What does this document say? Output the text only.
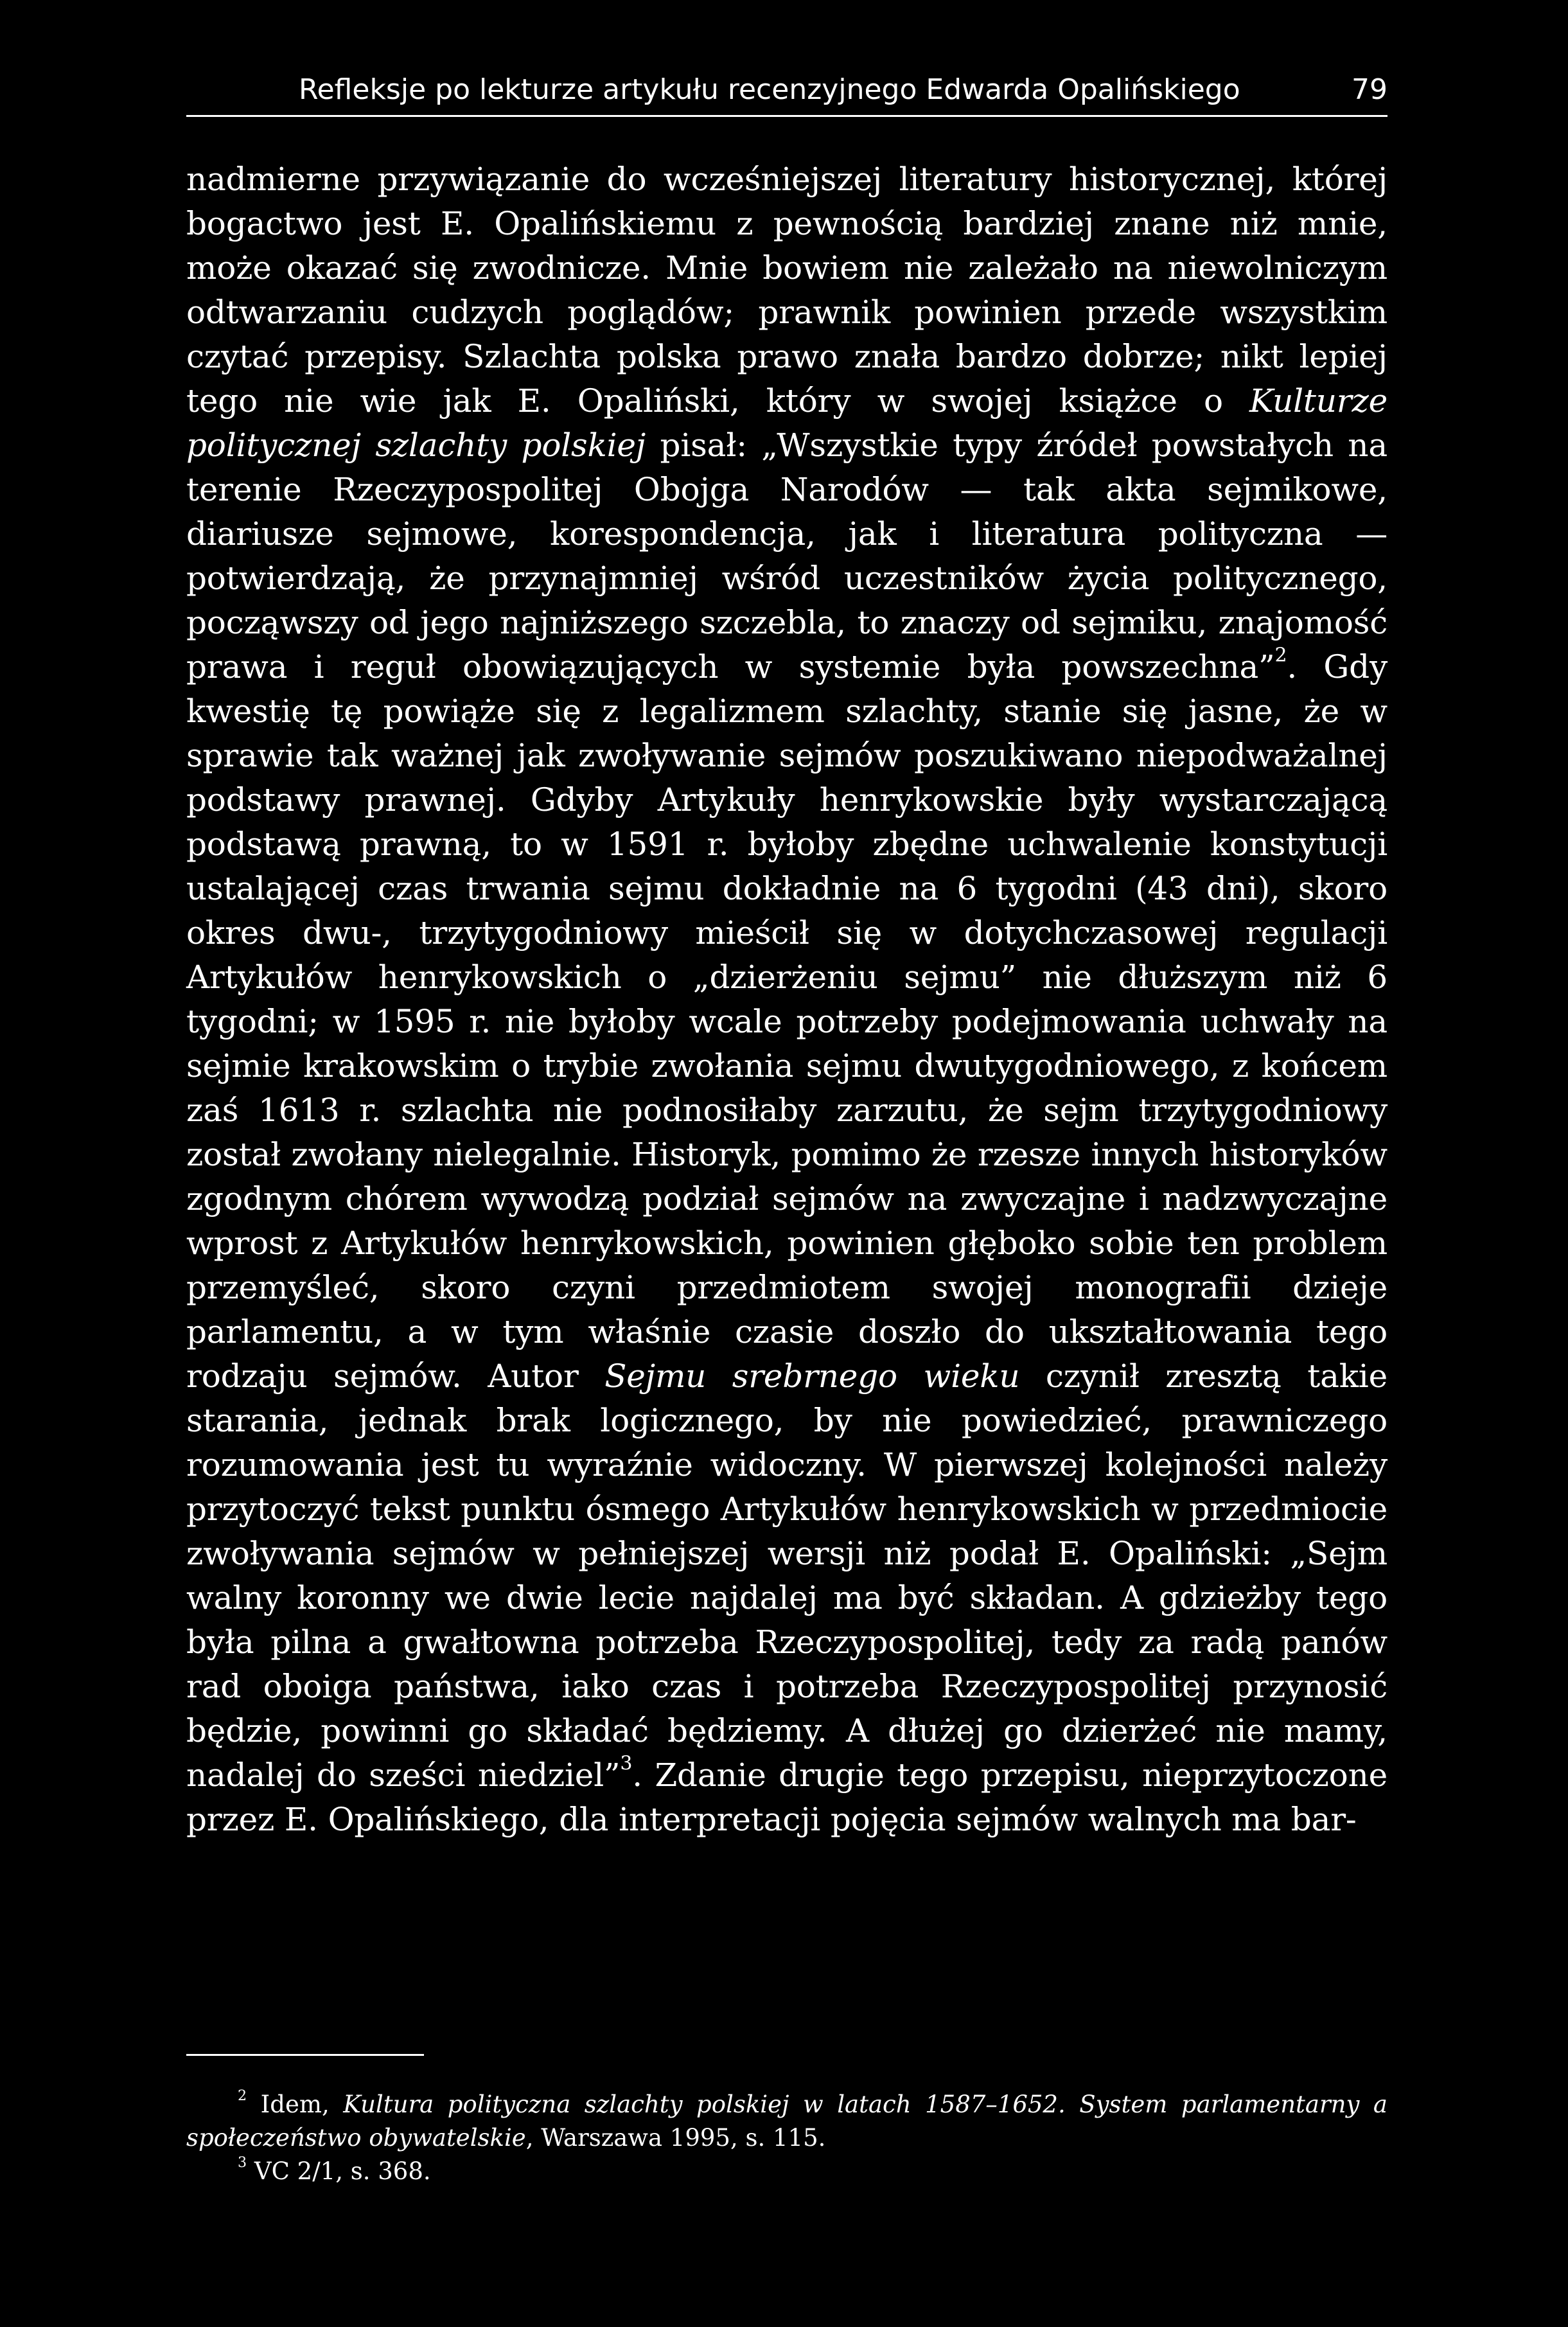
Refleksje po lekturze artykułu recenzyjnego Edwarda Opalińskiego	79

nadmierne przywiązanie do wcześniejszej literatury historycznej, której bogactwo jest E. Opalińskiemu z pewnością bardziej znane niż mnie, może okazać się zwodnicze. Mnie bowiem nie zależało na niewolniczym odtwarzaniu cudzych poglądów; prawnik powinien przede wszystkim czytać przepisy. Szlachta polska prawo znała bardzo dobrze; nikt lepiej tego nie wie jak E. Opaliński, który w swojej książce o Kulturze politycznej szlachty polskiej pisał: „Wszystkie typy źródeł powstałych na terenie Rzeczypospolitej Obojga Narodów — tak akta sejmikowe, diariusze sejmowe, korespondencja, jak i literatura polityczna — potwierdzają, że przynajmniej wśród uczestników życia politycznego, począwszy od jego najniższego szczebla, to znaczy od sejmiku, znajomość prawa i reguł obowiązujących w systemie była powszechna”$^2$. Gdy kwestię tę powiąże się z legalizmem szlachty, stanie się jasne, że w sprawie tak ważnej jak zwoływanie sejmów poszukiwano niepodważalnej podstawy prawnej. Gdyby Artykuły henrykowskie były wystarczającą podstawą prawną, to w 1591 r. byłoby zbędne uchwalenie konstytucji ustalającej czas trwania sejmu dokładnie na 6 tygodni (43 dni), skoro okres dwu-, trzytygodniowy mieścił się w dotychczasowej regulacji Artykułów henrykowskich o „dzierżeniu sejmu” nie dłuższym niż 6 tygodni; w 1595 r. nie byłoby wcale potrzeby podejmowania uchwały na sejmie krakowskim o trybie zwołania sejmu dwutygodniowego, z końcem zaś 1613 r. szlachta nie podnosiłaby zarzutu, że sejm trzytygodniowy został zwołany nielegalnie. Historyk, pomimo że rzesze innych historyków zgodnym chórem wywodzą podział sejmów na zwyczajne i nadzwyczajne wprost z Artykułów henrykowskich, powinien głęboko sobie ten problem przemyśleć, skoro czyni przedmiotem swojej monografii dzieje parlamentu, a w tym właśnie czasie doszło do ukształtowania tego rodzaju sejmów. Autor Sejmu srebrnego wieku czynił zresztą takie starania, jednak brak logicznego, by nie powiedzieć, prawniczego rozumowania jest tu wyraźnie widoczny. W pierwszej kolejności należy przytoczyć tekst punktu ósmego Artykułów henrykowskich w przedmiocie zwoływania sejmów w pełniejszej wersji niż podał E. Opaliński: „Sejm walny koronny we dwie lecie najdalej ma być składan. A gdzieżby tego była pilna a gwałtowna potrzeba Rzeczypospolitej, tedy za radą panów rad oboiga państwa, iako czas i potrzeba Rzeczypospolitej przynosić będzie, powinni go składać będziemy. A dłużej go dzierżeć nie mamy, nadalej do sześci niedziel”$^3$. Zdanie drugie tego przepisu, nieprzytoczone przez E. Opalińskiego, dla interpretacji pojęcia sejmów walnych ma bar-

$^2$ Idem, Kultura polityczna szlachty polskiej w latach 1587–1652. System parlamentarny a społeczeństwo obywatelskie, Warszawa 1995, s. 115.

$^3$ VC 2/1, s. 368.
